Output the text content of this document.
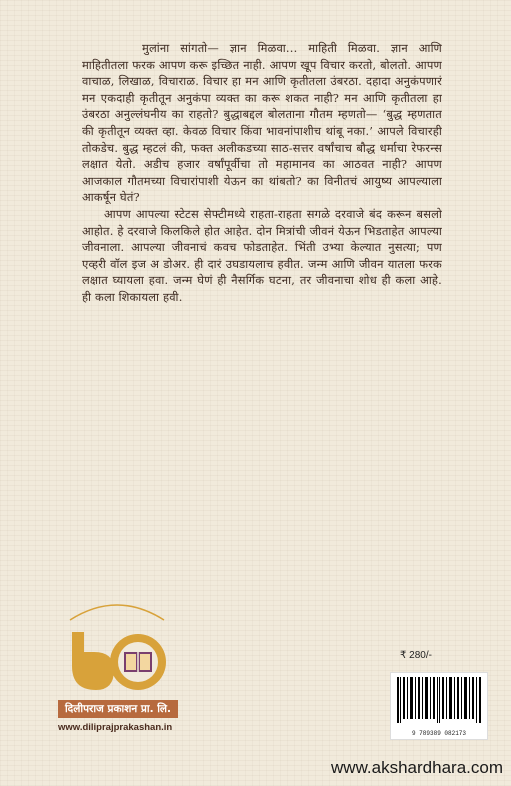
मुलांना सांगतो— ज्ञान मिळवा... माहिती मिळवा. ज्ञान आणि माहितीतला फरक आपण करू इच्छित नाही. आपण खूप विचार करतो, बोलतो. आपण वाचाळ, लिखाळ, विचाराळ. विचार हा मन आणि कृतीतला उंबरठा. दहादा अनुकंपणारं मन एकदाही कृतीतून अनुकंपा व्यक्त का करू शकत नाही? मन आणि कृतीतला हा उंबरठा अनुल्लंघनीय का राहतो? बुद्धाबद्दल बोलताना गौतम म्हणतो— ‘बुद्ध म्हणतात की कृतीतून व्यक्त व्हा. केवळ विचार किंवा भावनांपाशीच थांबू नका.’ आपले विचारही तोकडेच. बुद्ध म्हटलं की, फक्त अलीकडच्या साठ-सत्तर वर्षांचाच बौद्ध धर्माचा रेफरन्स लक्षात येतो. अडीच हजार वर्षांपूर्वीचा तो महामानव का आठवत नाही? आपण आजकाल गौतमच्या विचारांपाशी येऊन का थांबतो? का विनीतचं आयुष्य आपल्याला आकर्षून घेतं?

आपण आपल्या स्टेटस सेफ्टीमध्ये राहता-राहता सगळे दरवाजे बंद करून बसलो आहोत. हे दरवाजे किलकिले होत आहेत. दोन मित्रांची जीवनं येऊन भिडताहेत आपल्या जीवनाला. आपल्या जीवनाचं कवच फोडताहेत. भिंती उभ्या केल्यात नुसत्या; पण एव्हरी वॉल इज अ डोअर. ही दारं उघडायलाच हवीत. जन्म आणि जीवन यातला फरक लक्षात घ्यायला हवा. जन्म घेणं ही नैसर्गिक घटना, तर जीवनाचा शोध ही कला आहे. ही कला शिकायला हवी.

दिलीपराज प्रकाशन प्रा. लि.
www.diliprajprakashan.in
₹ 280/-
9 789389 082173
www.akshardhara.com
